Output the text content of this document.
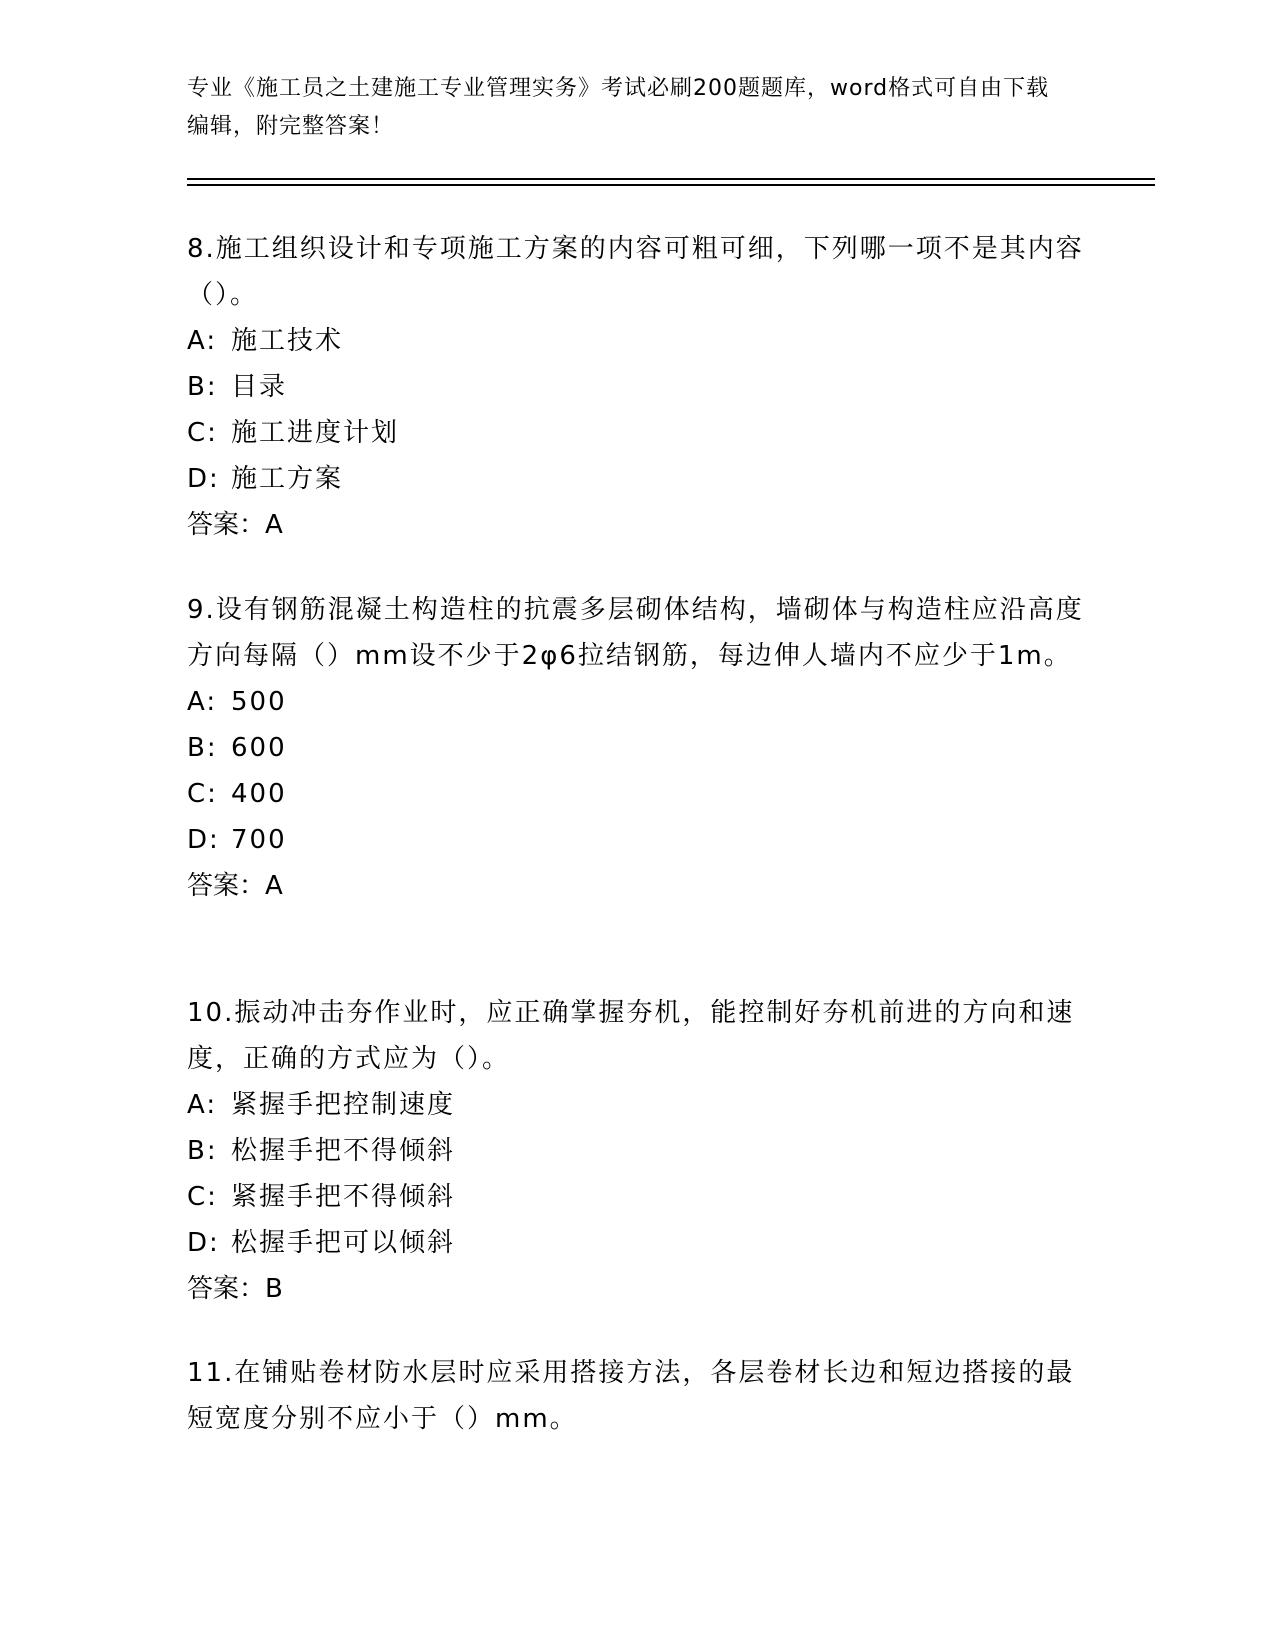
专业《施工员之土建施工专业管理实务》考试必刷200题题库，word格式可自由下载编辑，附完整答案！

8.施工组织设计和专项施工方案的内容可粗可细，下列哪一项不是其内容（）。

A: 施工技术

B: 目录

C: 施工进度计划

D: 施工方案

答案：A

9.设有钢筋混凝土构造柱的抗震多层砌体结构，墙砌体与构造柱应沿高度方向每隔（）mm设不少于2φ6拉结钢筋，每边伸人墙内不应少于1m。

A: 500

B: 600

C: 400

D: 700

答案：A

10.振动冲击夯作业时，应正确掌握夯机，能控制好夯机前进的方向和速度，正确的方式应为（）。

A: 紧握手把控制速度

B: 松握手把不得倾斜

C: 紧握手把不得倾斜

D: 松握手把可以倾斜

答案：B

11.在铺贴卷材防水层时应采用搭接方法，各层卷材长边和短边搭接的最短宽度分别不应小于（）mm。
